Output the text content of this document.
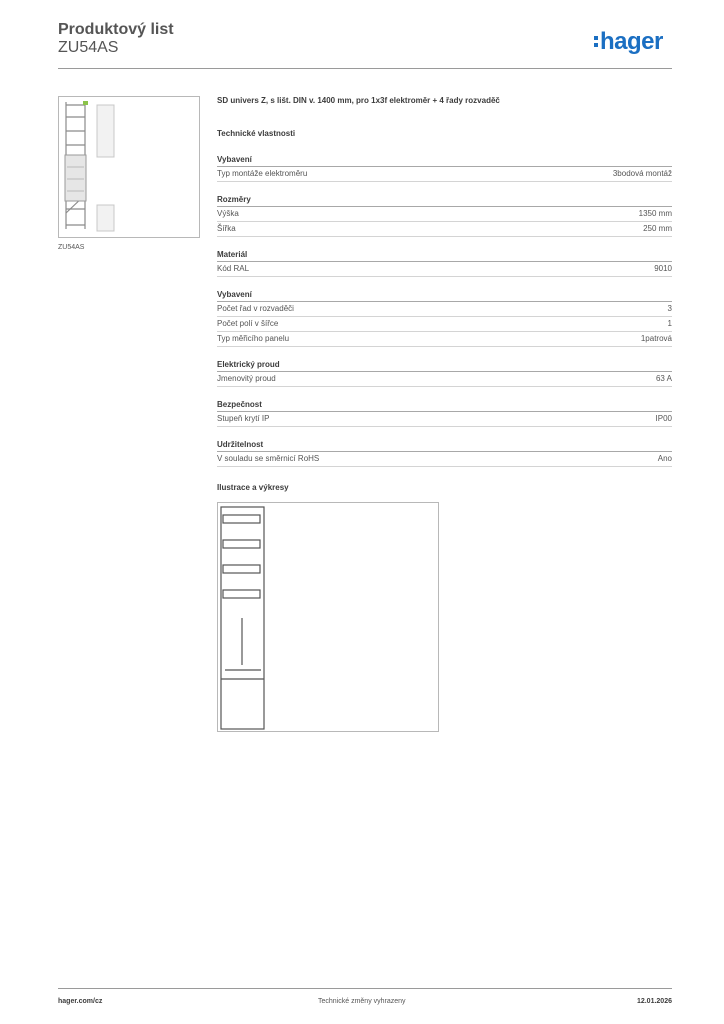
Produktový list
ZU54AS	hager
ZU54AS
SD univers Z, s lišt. DIN v. 1400 mm, pro 1x3f elektroměr + 4 řady rozvaděč
Technické vlastnosti
Vybavení
Typ montáže elektroměru	3bodová montáž
Rozměry
Výška	1350 mm
Šířka	250 mm
Materiál
Kód RAL	9010
Vybavení
Počet řad v rozvaděči	3
Počet polí v šířce	1
Typ měřicího panelu	1patrová
Elektrický proud
Jmenovitý proud	63 A
Bezpečnost
Stupeň krytí IP	IP00
Udržitelnost
V souladu se směrnicí RoHS	Ano
Ilustrace a výkresy
hager.com/cz	Technické změny vyhrazeny	12.01.2026
